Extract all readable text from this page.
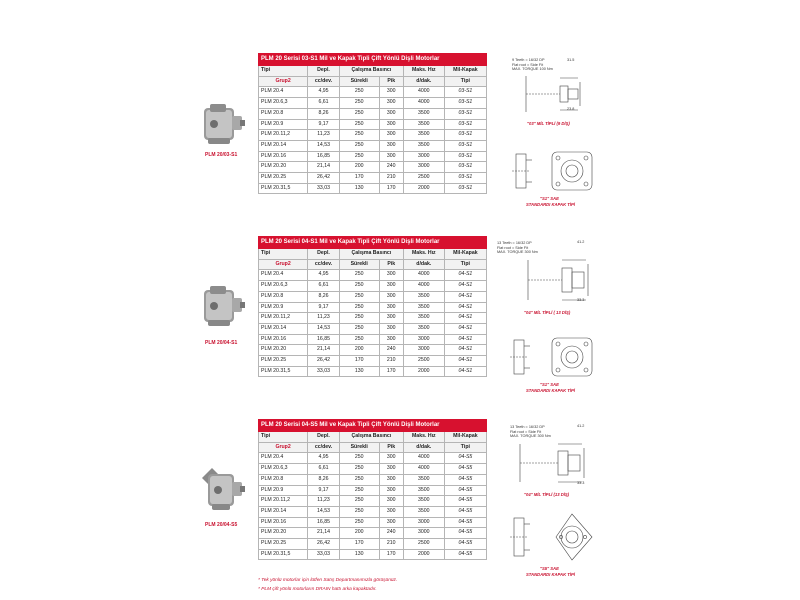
PLM 20/03-S1
PLM 20 Serisi 03-S1 Mil ve Kapak Tipli Çift Yönlü Dişli Motorlar					
Tipi	Depl.	Çalışma Basıncı		Maks. Hız	Mil-Kapak
Grup2	cc/dev.	Sürekli	Pik	d/dak.	Tipi
PLM 20.4	4,95	250	300	4000	03-S1
PLM 20.6,3	6,61	250	300	4000	03-S1
PLM 20.8	8,26	250	300	3500	03-S1
PLM 20.9	9,17	250	300	3500	03-S1
PLM 20.11,2	11,23	250	300	3500	03-S1
PLM 20.14	14,53	250	300	3500	03-S1
PLM 20.16	16,85	250	300	3000	03-S1
PLM 20.20	21,14	200	240	3000	03-S1
PLM 20.25	26,42	170	210	2500	03-S1
PLM 20.31,5	33,03	130	170	2000	03-S1
9 Teeth = 16/32 DP
Flat root = Side Fit
MAX. TORQUE 100 Nm
31.5
23.8
"03" MİL TİPLİ (9 DİŞ)
"S1" SAE
STANDARDI KAPAK TİPİ
PLM 20/04-S1
PLM 20 Serisi 04-S1 Mil ve Kapak Tipli Çift Yönlü Dişli Motorlar					
Tipi	Depl.	Çalışma Basıncı		Maks. Hız	Mil-Kapak
Grup2	cc/dev.	Sürekli	Pik	d/dak.	Tipi
PLM 20.4	4,95	250	300	4000	04-S1
PLM 20.6,3	6,61	250	300	4000	04-S1
PLM 20.8	8,26	250	300	3500	04-S1
PLM 20.9	9,17	250	300	3500	04-S1
PLM 20.11,2	11,23	250	300	3500	04-S1
PLM 20.14	14,53	250	300	3500	04-S1
PLM 20.16	16,85	250	300	3000	04-S1
PLM 20.20	21,14	200	240	3000	04-S1
PLM 20.25	26,42	170	210	2500	04-S1
PLM 20.31,5	33,03	130	170	2000	04-S1
13 Teeth = 16/32 DP
Flat root = Side Fit
MAX. TORQUE 300 Nm
41.2
33.3
"04" MİL TİPLİ ( 13 DİŞ)
"S1" SAE
STANDARDI KAPAK TİPİ
PLM 20/04-S5
PLM 20 Serisi 04-S5 Mil ve Kapak Tipli Çift Yönlü Dişli Motorlar					
Tipi	Depl.	Çalışma Basıncı		Maks. Hız	Mil-Kapak
Grup2	cc/dev.	Sürekli	Pik	d/dak.	Tipi
PLM 20.4	4,95	250	300	4000	04-S5
PLM 20.6,3	6,61	250	300	4000	04-S5
PLM 20.8	8,26	250	300	3500	04-S5
PLM 20.9	9,17	250	300	3500	04-S5
PLM 20.11,2	11,23	250	300	3500	04-S5
PLM 20.14	14,53	250	300	3500	04-S5
PLM 20.16	16,85	250	300	3000	04-S5
PLM 20.20	21,14	200	240	3000	04-S5
PLM 20.25	26,42	170	210	2500	04-S5
PLM 20.31,5	33,03	130	170	2000	04-S5
13 Teeth = 16/32 DP
Flat root = Side Fit
MAX. TORQUE 300 Nm
41.2
33.3
"04" MİL TİPLİ (13 DİŞ)
"S5" SAE
STANDARDI KAPAK TİPİ
* Tek yönlü motorlar için lütfen Satış Departmanımızla görüşünüz.
* PLM çift yönlü motorların DRAIN hattı arka kapaktadır.
